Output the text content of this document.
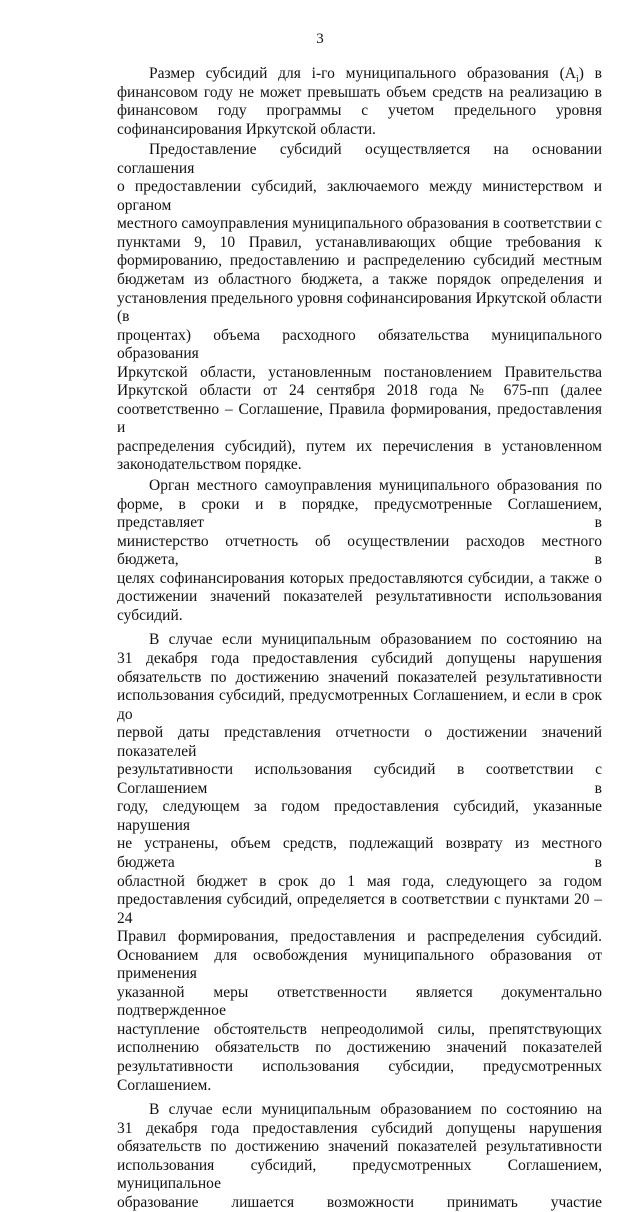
3

Размер субсидий для i-го муниципального образования $(A_i)$ в
финансовом году не может превышать объем средств на реализацию в
финансовом году программы с учетом предельного уровня

софинансирования Иркутской области.

Предоставление субсидий осуществляется на основании соглашения
о предоставлении субсидий, заключаемого между министерством и органом
местного самоуправления муниципального образования в соответствии с
пунктами 9, 10 Правил, устанавливающих общие требования к
формированию, предоставлению и распределению субсидий местным
бюджетам из областного бюджета, а также порядок определения и
установления предельного уровня софинансирования Иркутской области (в
процентах) объема расходного обязательства муниципального образования
Иркутской области, установленным постановлением Правительства
Иркутской области от 24 сентября 2018 года № 675-пп (далее
соответственно – Соглашение, Правила формирования, предоставления и
распределения субсидий), путем их перечисления в установленном

законодательством порядке.

Орган местного самоуправления муниципального образования по
форме, в сроки и в порядке, предусмотренные Соглашением, представляет в
министерство отчетность об осуществлении расходов местного бюджета, в
целях софинансирования которых предоставляются субсидии, а также о
достижении значений показателей результативности использования

субсидий.

В случае если муниципальным образованием по состоянию на
31 декабря года предоставления субсидий допущены нарушения
обязательств по достижению значений показателей результативности
использования субсидий, предусмотренных Соглашением, и если в срок до
первой даты представления отчетности о достижении значений показателей
результативности использования субсидий в соответствии с Соглашением в
году, следующем за годом предоставления субсидий, указанные нарушения
не устранены, объем средств, подлежащий возврату из местного бюджета в
областной бюджет в срок до 1 мая года, следующего за годом
предоставления субсидий, определяется в соответствии с пунктами 20 – 24
Правил формирования, предоставления и распределения субсидий.
Основанием для освобождения муниципального образования от применения
указанной меры ответственности является документально подтвержденное
наступление обстоятельств непреодолимой силы, препятствующих
исполнению обязательств по достижению значений показателей
результативности использования субсидии, предусмотренных

Соглашением.

В случае если муниципальным образованием по состоянию на
31 декабря года предоставления субсидий допущены нарушения
обязательств по достижению значений показателей результативности
использования субсидий, предусмотренных Соглашением, муниципальное
образование лишается возможности принимать участие
